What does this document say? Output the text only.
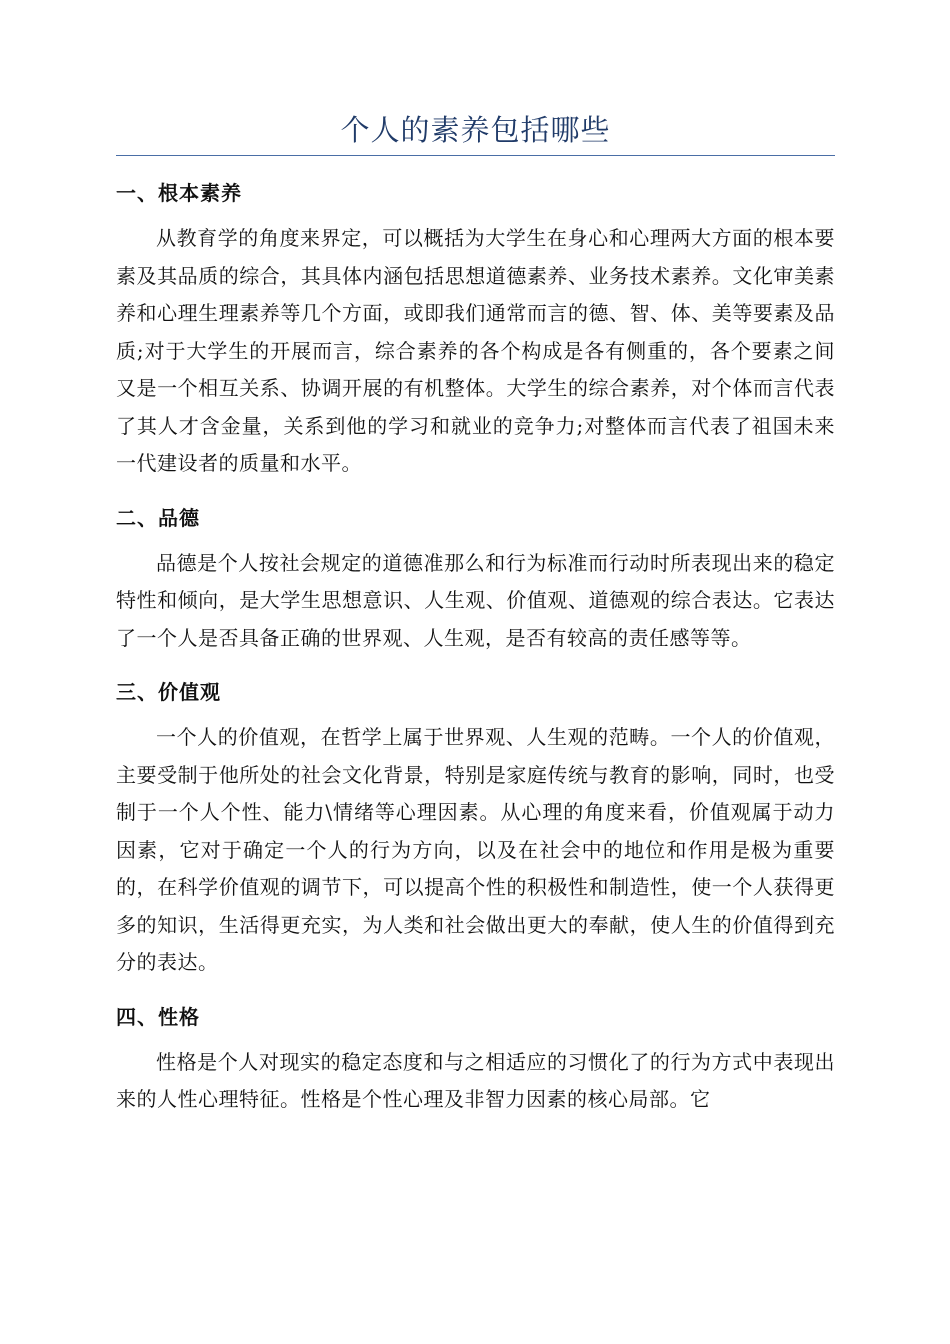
个人的素养包括哪些
一、根本素养

从教育学的角度来界定，可以概括为大学生在身心和心理两大方面的根本要素及其品质的综合，其具体内涵包括思想道德素养、业务技术素养。文化审美素养和心理生理素养等几个方面，或即我们通常而言的德、智、体、美等要素及品质;对于大学生的开展而言，综合素养的各个构成是各有侧重的，各个要素之间又是一个相互关系、协调开展的有机整体。大学生的综合素养，对个体而言代表了其人才含金量，关系到他的学习和就业的竞争力;对整体而言代表了祖国未来一代建设者的质量和水平。

二、品德

品德是个人按社会规定的道德准那么和行为标准而行动时所表现出来的稳定特性和倾向，是大学生思想意识、人生观、价值观、道德观的综合表达。它表达了一个人是否具备正确的世界观、人生观，是否有较高的责任感等等。

三、价值观

一个人的价值观，在哲学上属于世界观、人生观的范畴。一个人的价值观，主要受制于他所处的社会文化背景，特别是家庭传统与教育的影响，同时，也受制于一个人个性、能力\情绪等心理因素。从心理的角度来看，价值观属于动力因素，它对于确定一个人的行为方向，以及在社会中的地位和作用是极为重要的，在科学价值观的调节下，可以提高个性的积极性和制造性，使一个人获得更多的知识，生活得更充实，为人类和社会做出更大的奉献，使人生的价值得到充分的表达。

四、性格

性格是个人对现实的稳定态度和与之相适应的习惯化了的行为方式中表现出来的人性心理特征。性格是个性心理及非智力因素的核心局部。它
